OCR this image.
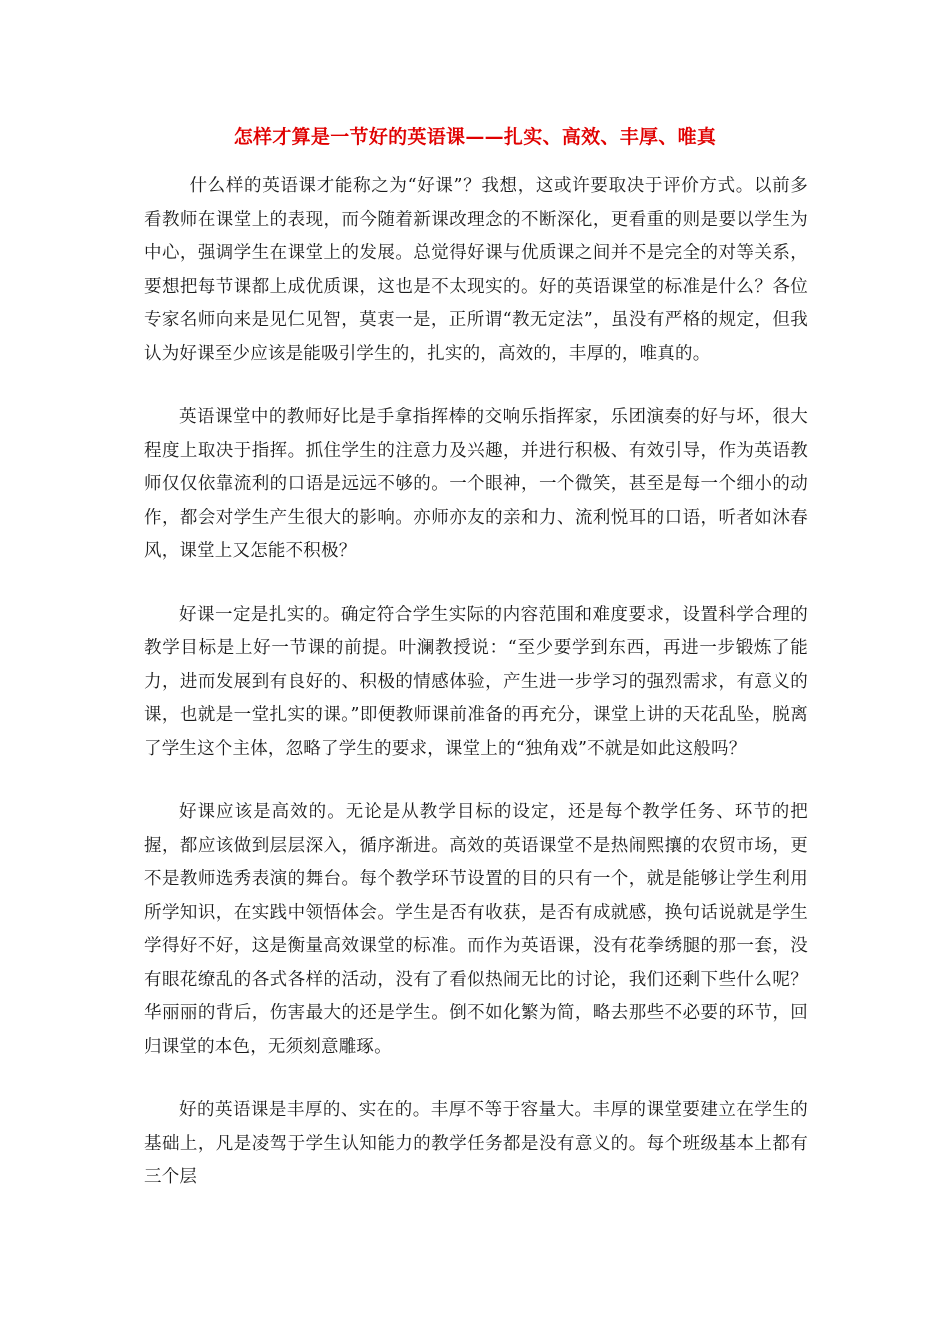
怎样才算是一节好的英语课——扎实、高效、丰厚、唯真

什么样的英语课才能称之为“好课”？我想，这或许要取决于评价方式。以前多看教师在课堂上的表现，而今随着新课改理念的不断深化，更看重的则是要以学生为中心，强调学生在课堂上的发展。总觉得好课与优质课之间并不是完全的对等关系，要想把每节课都上成优质课，这也是不太现实的。好的英语课堂的标准是什么？各位专家名师向来是见仁见智，莫衷一是，正所谓“教无定法”，虽没有严格的规定，但我认为好课至少应该是能吸引学生的，扎实的，高效的，丰厚的，唯真的。

英语课堂中的教师好比是手拿指挥棒的交响乐指挥家，乐团演奏的好与坏，很大程度上取决于指挥。抓住学生的注意力及兴趣，并进行积极、有效引导，作为英语教师仅仅依靠流利的口语是远远不够的。一个眼神，一个微笑，甚至是每一个细小的动作，都会对学生产生很大的影响。亦师亦友的亲和力、流利悦耳的口语，听者如沐春风，课堂上又怎能不积极？

好课一定是扎实的。确定符合学生实际的内容范围和难度要求，设置科学合理的教学目标是上好一节课的前提。叶澜教授说：“至少要学到东西，再进一步锻炼了能力，进而发展到有良好的、积极的情感体验，产生进一步学习的强烈需求，有意义的课，也就是一堂扎实的课。”即便教师课前准备的再充分，课堂上讲的天花乱坠，脱离了学生这个主体，忽略了学生的要求，课堂上的“独角戏”不就是如此这般吗？

好课应该是高效的。无论是从教学目标的设定，还是每个教学任务、环节的把握，都应该做到层层深入，循序渐进。高效的英语课堂不是热闹熙攘的农贸市场，更不是教师选秀表演的舞台。每个教学环节设置的目的只有一个，就是能够让学生利用所学知识，在实践中领悟体会。学生是否有收获，是否有成就感，换句话说就是学生学得好不好，这是衡量高效课堂的标准。而作为英语课，没有花拳绣腿的那一套，没有眼花缭乱的各式各样的活动，没有了看似热闹无比的讨论，我们还剩下些什么呢？华丽丽的背后，伤害最大的还是学生。倒不如化繁为简，略去那些不必要的环节，回归课堂的本色，无须刻意雕琢。

好的英语课是丰厚的、实在的。丰厚不等于容量大。丰厚的课堂要建立在学生的基础上，凡是凌驾于学生认知能力的教学任务都是没有意义的。每个班级基本上都有三个层
